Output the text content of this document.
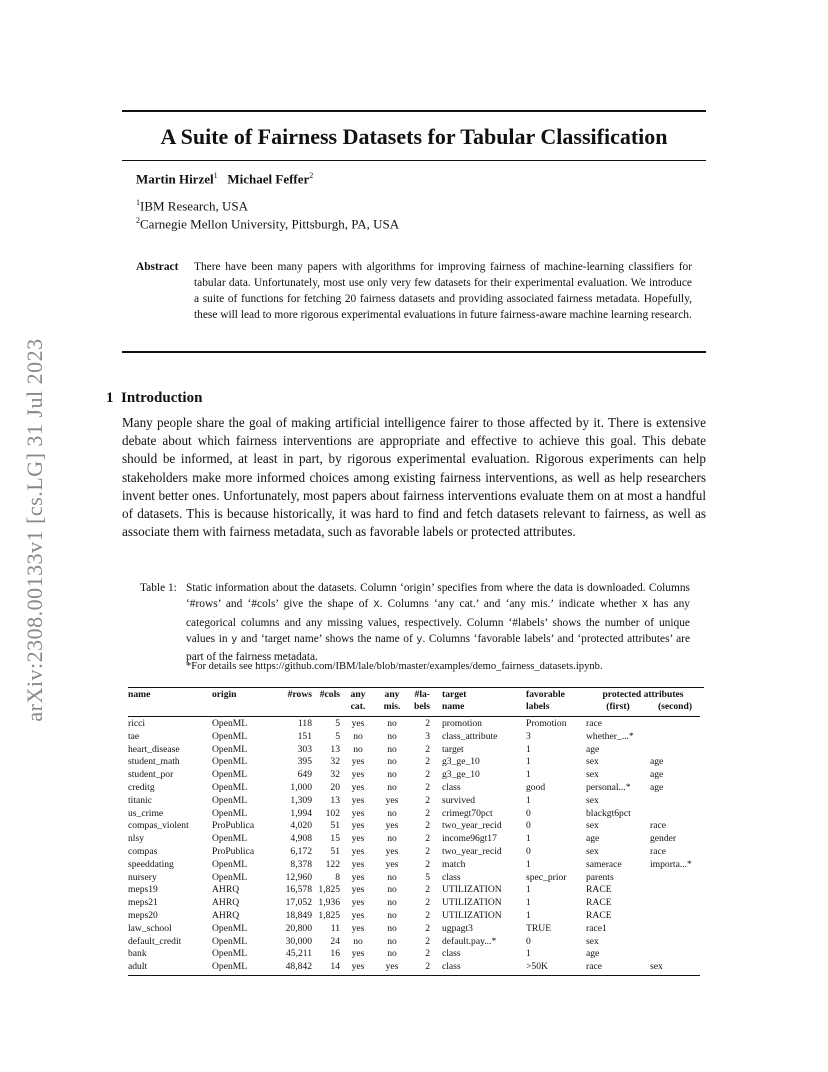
arXiv:2308.00133v1 [cs.LG] 31 Jul 2023
A Suite of Fairness Datasets for Tabular Classification
Martin Hirzel$^1$ Michael Feffer$^2$
$^1$IBM Research, USA
$^2$Carnegie Mellon University, Pittsburgh, PA, USA
Abstract There have been many papers with algorithms for improving fairness of machine-learning classifiers for tabular data. Unfortunately, most use only very few datasets for their experimental evaluation. We introduce a suite of functions for fetching 20 fairness datasets and providing associated fairness metadata. Hopefully, these will lead to more rigorous experimental evaluations in future fairness-aware machine learning research.
1 Introduction
Many people share the goal of making artificial intelligence fairer to those affected by it. There is extensive debate about which fairness interventions are appropriate and effective to achieve this goal. This debate should be informed, at least in part, by rigorous experimental evaluation. Rigorous experiments can help stakeholders make more informed choices among existing fairness interventions, as well as help researchers invent better ones. Unfortunately, most papers about fairness interventions evaluate them on at most a handful of datasets. This is because historically, it was hard to find and fetch datasets relevant to fairness, as well as associate them with fairness metadata, such as favorable labels or protected attributes.
Table 1: Static information about the datasets. Column ‘origin’ specifies from where the data is downloaded. Columns ‘#rows’ and ‘#cols’ give the shape of X. Columns ‘any cat.’ and ‘any mis.’ indicate whether X has any categorical columns and any missing values, respectively. Column ‘#labels’ shows the number of unique values in y and ‘target name’ shows the name of y. Columns ‘favorable labels’ and ‘protected attributes’ are part of the fairness metadata.
*For details see https://github.com/IBM/lale/blob/master/examples/demo_fairness_datasets.ipynb.
name	origin	#rows	#cols	any	any	#la-	target	favorable	protected attributes	
				cat.	mis.	bels	name	labels	(first)	(second)
ricci	OpenML	118	5	yes	no	2	promotion	Promotion	race	
tae	OpenML	151	5	no	no	3	class_attribute	3	whether_...*	
heart_disease	OpenML	303	13	no	no	2	target	1	age	
student_math	OpenML	395	32	yes	no	2	g3_ge_10	1	sex	age
student_por	OpenML	649	32	yes	no	2	g3_ge_10	1	sex	age
creditg	OpenML	1,000	20	yes	no	2	class	good	personal...*	age
titanic	OpenML	1,309	13	yes	yes	2	survived	1	sex	
us_crime	OpenML	1,994	102	yes	no	2	crimegt70pct	0	blackgt6pct	
compas_violent	ProPublica	4,020	51	yes	yes	2	two_year_recid	0	sex	race
nlsy	OpenML	4,908	15	yes	no	2	income96gt17	1	age	gender
compas	ProPublica	6,172	51	yes	yes	2	two_year_recid	0	sex	race
speeddating	OpenML	8,378	122	yes	yes	2	match	1	samerace	importa...*
nursery	OpenML	12,960	8	yes	no	5	class	spec_prior	parents	
meps19	AHRQ	16,578	1,825	yes	no	2	UTILIZATION	1	RACE	
meps21	AHRQ	17,052	1,936	yes	no	2	UTILIZATION	1	RACE	
meps20	AHRQ	18,849	1,825	yes	no	2	UTILIZATION	1	RACE	
law_school	OpenML	20,800	11	yes	no	2	ugpagt3	TRUE	race1	
default_credit	OpenML	30,000	24	no	no	2	default.pay...*	0	sex	
bank	OpenML	45,211	16	yes	no	2	class	1	age	
adult	OpenML	48,842	14	yes	yes	2	class	>50K	race	sex
